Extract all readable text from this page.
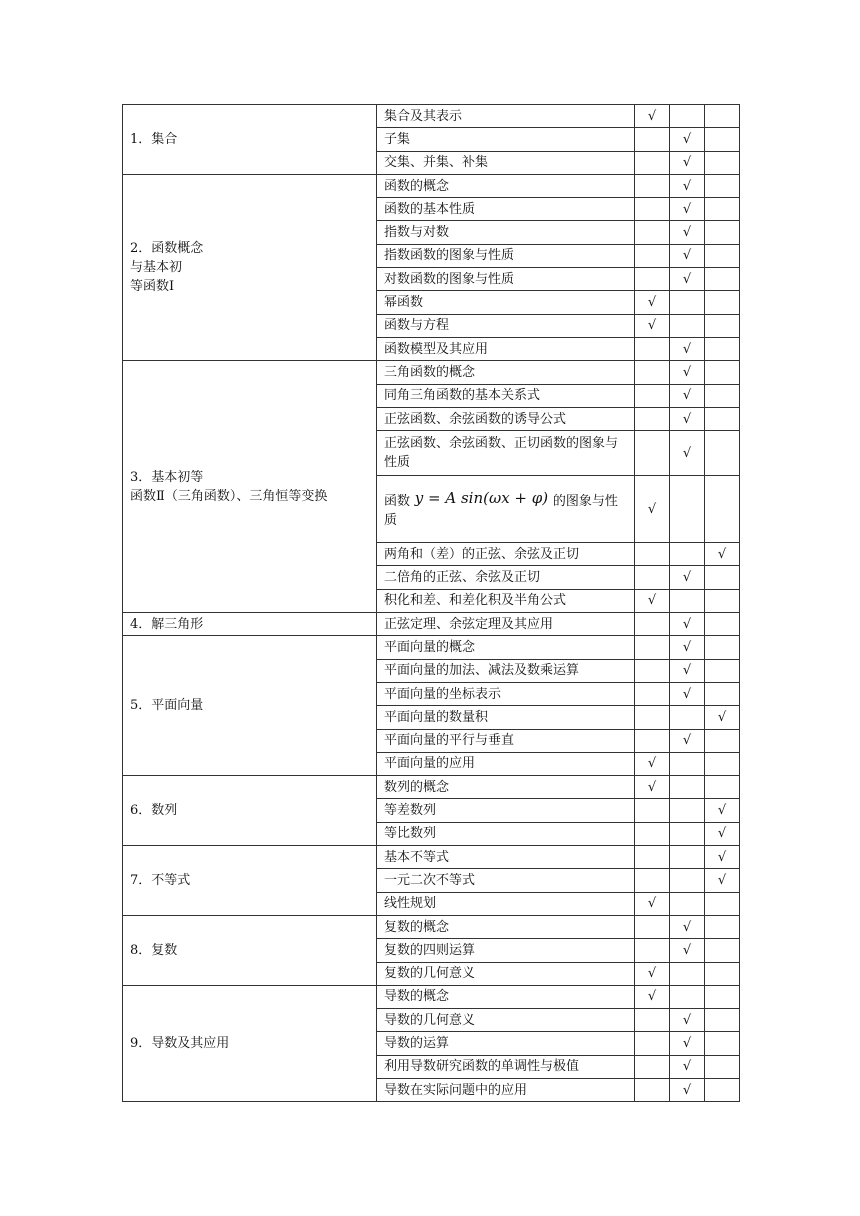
1．集合	集合及其表示	√		
	子集		√	
	交集、并集、补集		√	
2．函数概念
与基本初
等函数Ⅰ	函数的概念		√	
	函数的基本性质		√	
	指数与对数		√	
	指数函数的图象与性质		√	
	对数函数的图象与性质		√	
	幂函数	√		
	函数与方程	√		
	函数模型及其应用		√	
3．基本初等
函数Ⅱ（三角函数）、三角恒等变换	三角函数的概念		√	
	同角三角函数的基本关系式		√	
	正弦函数、余弦函数的诱导公式		√	
	正弦函数、余弦函数、正切函数的图象与性质		√	
	函数 y = A sin(ωx + φ) 的图象与性
质	√		
	两角和（差）的正弦、余弦及正切			√
	二倍角的正弦、余弦及正切		√	
	积化和差、和差化积及半角公式	√		
4．解三角形	正弦定理、余弦定理及其应用		√	
5．平面向量	平面向量的概念		√	
	平面向量的加法、减法及数乘运算		√	
	平面向量的坐标表示		√	
	平面向量的数量积			√
	平面向量的平行与垂直		√	
	平面向量的应用	√		
6．数列	数列的概念	√		
	等差数列			√
	等比数列			√
7．不等式	基本不等式			√
	一元二次不等式			√
	线性规划	√		
8．复数	复数的概念		√	
	复数的四则运算		√	
	复数的几何意义	√		
9．导数及其应用	导数的概念	√		
	导数的几何意义		√	
	导数的运算		√	
	利用导数研究函数的单调性与极值		√	
	导数在实际问题中的应用		√	
